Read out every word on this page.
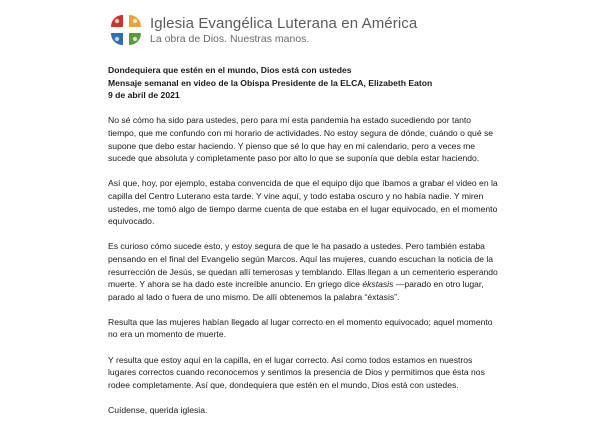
Iglesia Evangélica Luterana en América
La obra de Dios. Nuestras manos.
Dondequiera que estén en el mundo, Dios está con ustedes
Mensaje semanal en video de la Obispa Presidente de la ELCA, Elizabeth Eaton
9 de abril de 2021

No sé cómo ha sido para ustedes, pero para mí esta pandemia ha estado sucediendo por tanto tiempo, que me confundo con mi horario de actividades. No estoy segura de dónde, cuándo o qué se supone que debo estar haciendo. Y pienso que sé lo que hay en mi calendario, pero a veces me sucede que absoluta y completamente paso por alto lo que se suponía que debía estar haciendo.

Así que, hoy, por ejemplo, estaba convencida de que el equipo dijo que íbamos a grabar el video en la capilla del Centro Luterano esta tarde. Y vine aquí, y todo estaba oscuro y no había nadie. Y miren ustedes, me tomó algo de tiempo darme cuenta de que estaba en el lugar equivocado, en el momento equivocado.

Es curioso cómo sucede esto, y estoy segura de que le ha pasado a ustedes. Pero también estaba pensando en el final del Evangelio según Marcos. Aquí las mujeres, cuando escuchan la noticia de la resurrección de Jesús, se quedan allí temerosas y temblando. Ellas llegan a un cementerio esperando muerte. Y ahora se ha dado este increíble anuncio. En griego dice ékstasis —parado en otro lugar, parado al lado o fuera de uno mismo. De allí obtenemos la palabra “éxtasis”.

Resulta que las mujeres habían llegado al lugar correcto en el momento equivocado; aquel momento no era un momento de muerte.

Y resulta que estoy aquí en la capilla, en el lugar correcto. Así como todos estamos en nuestros lugares correctos cuando reconocemos y sentimos la presencia de Dios y permitimos que ésta nos rodee completamente. Así que, dondequiera que estén en el mundo, Dios está con ustedes.

Cuídense, querida iglesia.
